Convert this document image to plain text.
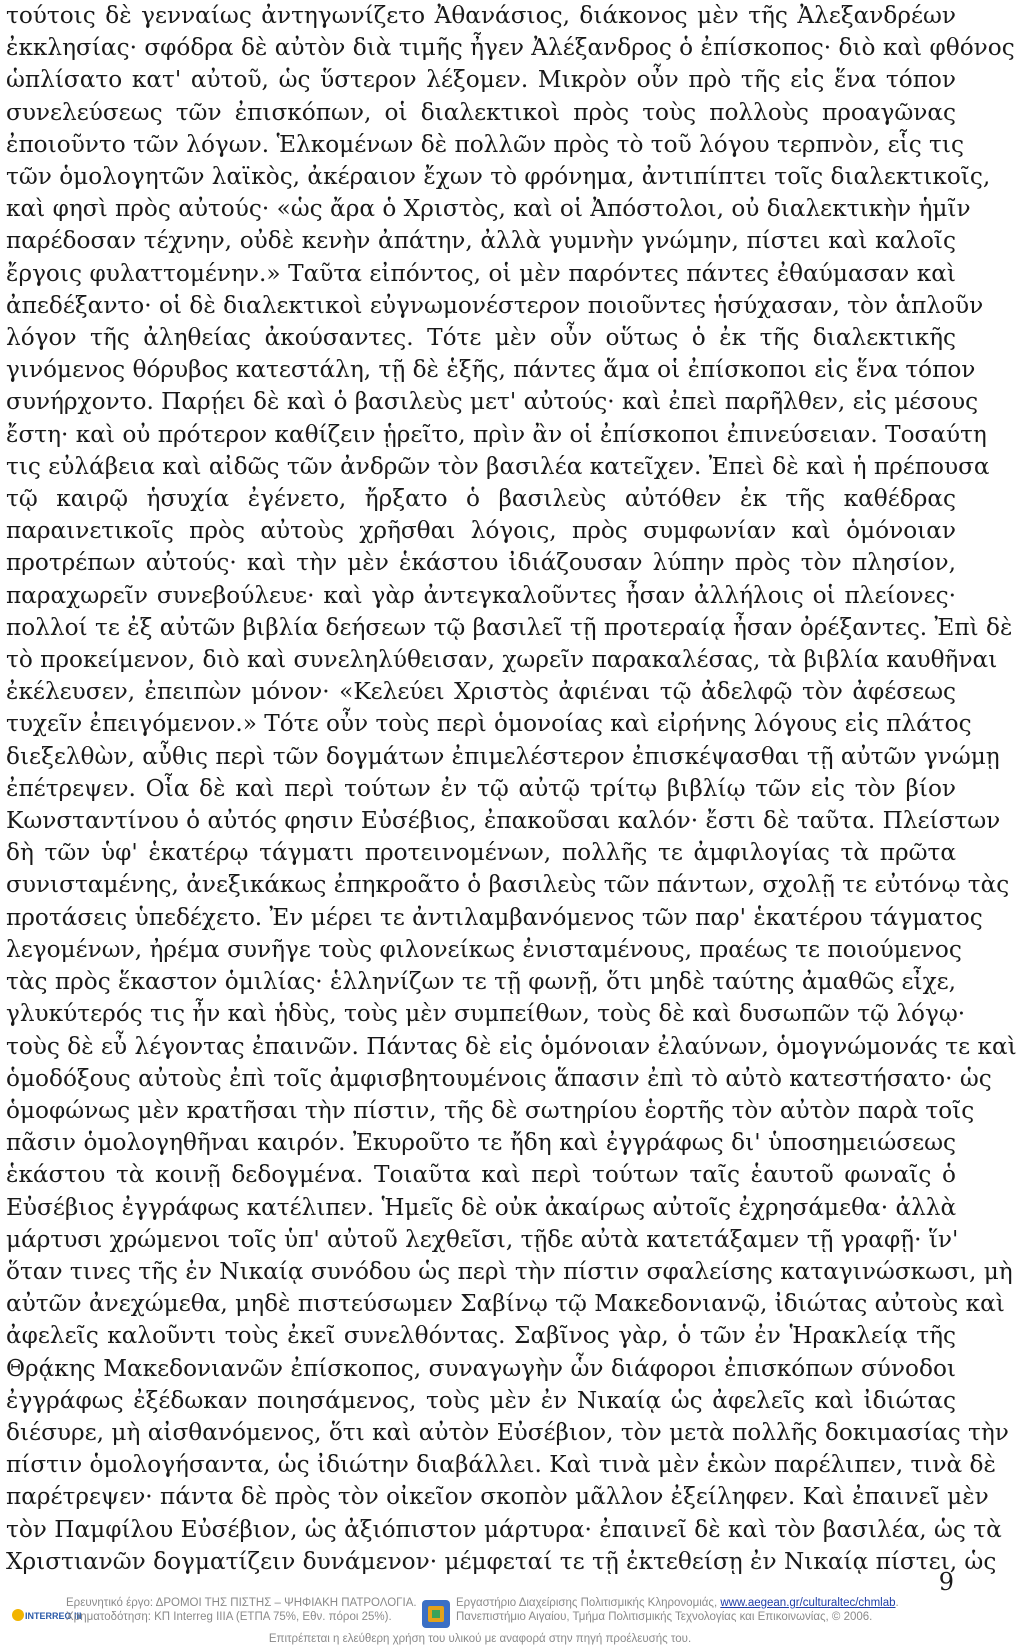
τούτοις δὲ γενναίως ἀντηγωνίζετο Ἀθανάσιος, διάκονος μὲν τῆς Ἀλεξανδρέων

ἐκκλησίας· σφόδρα δὲ αὐτὸν διὰ τιμῆς ἦγεν Ἀλέξανδρος ὁ ἐπίσκοπος· διὸ καὶ φθόνος

ὡπλίσατο κατ' αὐτοῦ, ὡς ὕστερον λέξομεν. Μικρὸν οὖν πρὸ τῆς εἰς ἕνα τόπον

συνελεύσεως τῶν ἐπισκόπων, οἱ διαλεκτικοὶ πρὸς τοὺς πολλοὺς προαγῶνας

ἐποιοῦντο τῶν λόγων. Ἑλκομένων δὲ πολλῶν πρὸς τὸ τοῦ λόγου τερπνὸν, εἷς τις

τῶν ὁμολογητῶν λαϊκὸς, ἀκέραιον ἔχων τὸ φρόνημα, ἀντιπίπτει τοῖς διαλεκτικοῖς,

καὶ φησὶ πρὸς αὐτούς· «ὡς ἄρα ὁ Χριστὸς, καὶ οἱ Ἀπόστολοι, οὐ διαλεκτικὴν ἡμῖν

παρέδοσαν τέχνην, οὐδὲ κενὴν ἀπάτην, ἀλλὰ γυμνὴν γνώμην, πίστει καὶ καλοῖς

ἔργοις φυλαττομένην.» Ταῦτα εἰπόντος, οἱ μὲν παρόντες πάντες ἐθαύμασαν καὶ

ἀπεδέξαντο· οἱ δὲ διαλεκτικοὶ εὐγνωμονέστερον ποιοῦντες ἡσύχασαν, τὸν ἁπλοῦν

λόγον τῆς ἀληθείας ἀκούσαντες. Τότε μὲν οὖν οὕτως ὁ ἐκ τῆς διαλεκτικῆς

γινόμενος θόρυβος κατεστάλη, τῇ δὲ ἑξῆς, πάντες ἅμα οἱ ἐπίσκοποι εἰς ἕνα τόπον

συνήρχοντο. Παρῄει δὲ καὶ ὁ βασιλεὺς μετ' αὐτούς· καὶ ἐπεὶ παρῆλθεν, εἰς μέσους

ἔστη· καὶ οὐ πρότερον καθίζειν ᾑρεῖτο, πρὶν ἂν οἱ ἐπίσκοποι ἐπινεύσειαν. Τοσαύτη

τις εὐλάβεια καὶ αἰδῶς τῶν ἀνδρῶν τὸν βασιλέα κατεῖχεν. Ἐπεὶ δὲ καὶ ἡ πρέπουσα

τῷ καιρῷ ἡσυχία ἐγένετο, ἤρξατο ὁ βασιλεὺς αὐτόθεν ἐκ τῆς καθέδρας

παραινετικοῖς πρὸς αὐτοὺς χρῆσθαι λόγοις, πρὸς συμφωνίαν καὶ ὁμόνοιαν

προτρέπων αὐτούς· καὶ τὴν μὲν ἑκάστου ἰδιάζουσαν λύπην πρὸς τὸν πλησίον,

παραχωρεῖν συνεβούλευε· καὶ γὰρ ἀντεγκαλοῦντες ἦσαν ἀλλήλοις οἱ πλείονες·

πολλοί τε ἐξ αὐτῶν βιβλία δεήσεων τῷ βασιλεῖ τῇ προτεραίᾳ ἦσαν ὀρέξαντες. Ἐπὶ δὲ

τὸ προκείμενον, διὸ καὶ συνεληλύθεισαν, χωρεῖν παρακαλέσας, τὰ βιβλία καυθῆναι

ἐκέλευσεν, ἐπειπὼν μόνον· «Κελεύει Χριστὸς ἀφιέναι τῷ ἀδελφῷ τὸν ἀφέσεως

τυχεῖν ἐπειγόμενον.» Τότε οὖν τοὺς περὶ ὁμονοίας καὶ εἰρήνης λόγους εἰς πλάτος

διεξελθὼν, αὖθις περὶ τῶν δογμάτων ἐπιμελέστερον ἐπισκέψασθαι τῇ αὐτῶν γνώμῃ

ἐπέτρεψεν. Οἷα δὲ καὶ περὶ τούτων ἐν τῷ αὐτῷ τρίτῳ βιβλίῳ τῶν εἰς τὸν βίον

Κωνσταντίνου ὁ αὐτός φησιν Εὐσέβιος, ἐπακοῦσαι καλόν· ἔστι δὲ ταῦτα. Πλείστων

δὴ τῶν ὑφ' ἑκατέρῳ τάγματι προτεινομένων, πολλῆς τε ἀμφιλογίας τὰ πρῶτα

συνισταμένης, ἀνεξικάκως ἐπηκροᾶτο ὁ βασιλεὺς τῶν πάντων, σχολῇ τε εὐτόνῳ τὰς

προτάσεις ὑπεδέχετο. Ἐν μέρει τε ἀντιλαμβανόμενος τῶν παρ' ἑκατέρου τάγματος

λεγομένων, ἠρέμα συνῆγε τοὺς φιλονείκως ἐνισταμένους, πραέως τε ποιούμενος

τὰς πρὸς ἕκαστον ὁμιλίας· ἑλληνίζων τε τῇ φωνῇ, ὅτι μηδὲ ταύτης ἀμαθῶς εἶχε,

γλυκύτερός τις ἦν καὶ ἡδὺς, τοὺς μὲν συμπείθων, τοὺς δὲ καὶ δυσωπῶν τῷ λόγῳ·

τοὺς δὲ εὖ λέγοντας ἐπαινῶν. Πάντας δὲ εἰς ὁμόνοιαν ἐλαύνων, ὁμογνώμονάς τε καὶ

ὁμοδόξους αὐτοὺς ἐπὶ τοῖς ἀμφισβητουμένοις ἅπασιν ἐπὶ τὸ αὐτὸ κατεστήσατο· ὡς

ὁμοφώνως μὲν κρατῆσαι τὴν πίστιν, τῆς δὲ σωτηρίου ἑορτῆς τὸν αὐτὸν παρὰ τοῖς

πᾶσιν ὁμολογηθῆναι καιρόν. Ἐκυροῦτο τε ἤδη καὶ ἐγγράφως δι' ὑποσημειώσεως

ἑκάστου τὰ κοινῇ δεδογμένα. Τοιαῦτα καὶ περὶ τούτων ταῖς ἑαυτοῦ φωναῖς ὁ

Εὐσέβιος ἐγγράφως κατέλιπεν. Ἡμεῖς δὲ οὐκ ἀκαίρως αὐτοῖς ἐχρησάμεθα· ἀλλὰ

μάρτυσι χρώμενοι τοῖς ὑπ' αὐτοῦ λεχθεῖσι, τῇδε αὐτὰ κατετάξαμεν τῇ γραφῇ· ἵν'

ὅταν τινες τῆς ἐν Νικαίᾳ συνόδου ὡς περὶ τὴν πίστιν σφαλείσης καταγινώσκωσι, μὴ

αὐτῶν ἀνεχώμεθα, μηδὲ πιστεύσωμεν Σαβίνῳ τῷ Μακεδονιανῷ, ἰδιώτας αὐτοὺς καὶ

ἀφελεῖς καλοῦντι τοὺς ἐκεῖ συνελθόντας. Σαβῖνος γὰρ, ὁ τῶν ἐν Ἡρακλείᾳ τῆς

Θρᾴκης Μακεδονιανῶν ἐπίσκοπος, συναγωγὴν ὧν διάφοροι ἐπισκόπων σύνοδοι

ἐγγράφως ἐξέδωκαν ποιησάμενος, τοὺς μὲν ἐν Νικαίᾳ ὡς ἀφελεῖς καὶ ἰδιώτας

διέσυρε, μὴ αἰσθανόμενος, ὅτι καὶ αὐτὸν Εὐσέβιον, τὸν μετὰ πολλῆς δοκιμασίας τὴν

πίστιν ὁμολογήσαντα, ὡς ἰδιώτην διαβάλλει. Καὶ τινὰ μὲν ἑκὼν παρέλιπεν, τινὰ δὲ

παρέτρεψεν· πάντα δὲ πρὸς τὸν οἰκεῖον σκοπὸν μᾶλλον ἐξείληφεν. Καὶ ἐπαινεῖ μὲν

τὸν Παμφίλου Εὐσέβιον, ὡς ἀξιόπιστον μάρτυρα· ἐπαινεῖ δὲ καὶ τὸν βασιλέα, ὡς τὰ

Χριστιανῶν δογματίζειν δυνάμενον· μέμφεταί τε τῇ ἐκτεθείσῃ ἐν Νικαίᾳ πίστει, ὡς

9
INTERREG III
Ερευνητικό έργο: ΔΡΟΜΟΙ ΤΗΣ ΠΙΣΤΗΣ – ΨΗΦΙΑΚΗ ΠΑΤΡΟΛΟΓΙΑ.
Χρηματοδότηση: ΚΠ Interreg IIIA (ΕΤΠΑ 75%, Εθν. πόροι 25%).
Εργαστήριο Διαχείρισης Πολιτισμικής Κληρονομιάς, www.aegean.gr/culturaltec/chmlab.
Πανεπιστήμιο Αιγαίου, Τμήμα Πολιτισμικής Τεχνολογίας και Επικοινωνίας, © 2006.
Επιτρέπεται η ελεύθερη χρήση του υλικού με αναφορά στην πηγή προέλευσής του.
